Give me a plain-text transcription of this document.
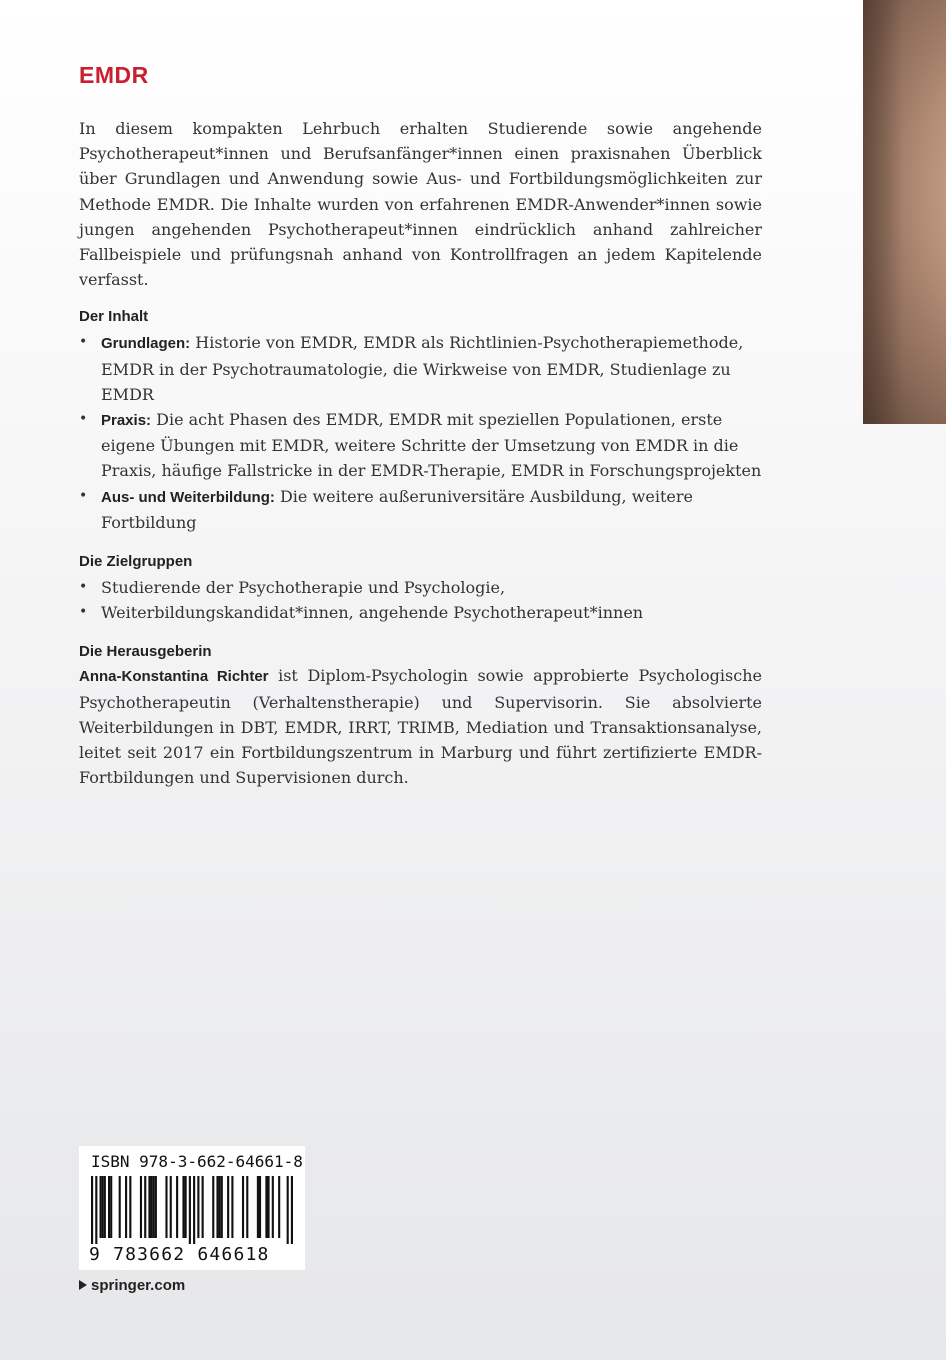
EMDR

In diesem kompakten Lehrbuch erhalten Studierende sowie angehende Psychotherapeut*innen und Berufsanfänger*innen einen praxisnahen Überblick über Grundlagen und Anwendung sowie Aus- und Fortbildungsmöglichkeiten zur Methode EMDR. Die Inhalte wurden von erfahrenen EMDR-Anwender*innen sowie jungen angehenden Psychotherapeut*innen eindrücklich anhand zahlreicher Fallbeispiele und prüfungsnah anhand von Kontrollfragen an jedem Kapitelende verfasst.

Der Inhalt
• Grundlagen: Historie von EMDR, EMDR als Richtlinien-Psychotherapiemethode, EMDR in der Psychotraumatologie, die Wirkweise von EMDR, Studienlage zu EMDR
• Praxis: Die acht Phasen des EMDR, EMDR mit speziellen Populationen, erste eigene Übungen mit EMDR, weitere Schritte der Umsetzung von EMDR in die Praxis, häufige Fallstricke in der EMDR-Therapie, EMDR in Forschungsprojekten
• Aus- und Weiterbildung: Die weitere außeruniversitäre Ausbildung, weitere Fortbildung
Die Zielgruppen
• Studierende der Psychotherapie und Psychologie,
• Weiterbildungskandidat*innen, angehende Psychotherapeut*innen
Die Herausgeberin

Anna-Konstantina Richter ist Diplom-Psychologin sowie approbierte Psychologische Psychotherapeutin (Verhaltenstherapie) und Supervisorin. Sie absolvierte Weiterbildungen in DBT, EMDR, IRRT, TRIMB, Mediation und Transaktionsanalyse, leitet seit 2017 ein Fortbildungszentrum in Marburg und führt zertifizierte EMDR-Fortbildungen und Supervisionen durch.

ISBN 978-3-662-64661-8
9 783662 646618
springer.com
